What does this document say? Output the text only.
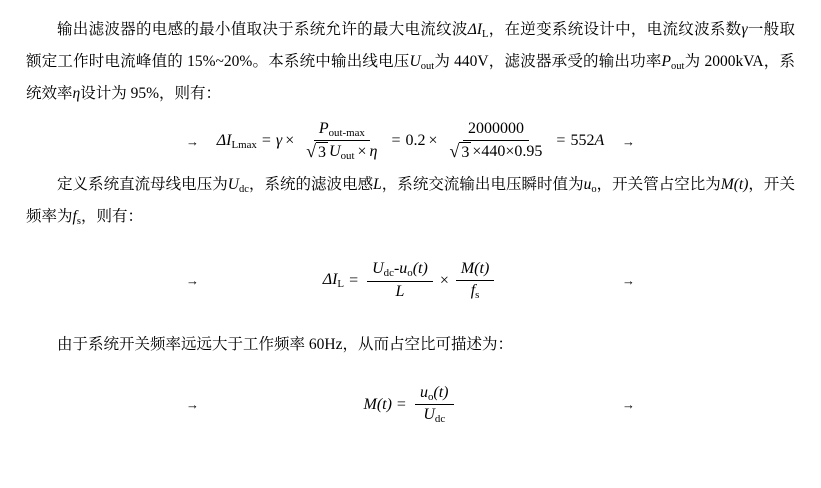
输出滤波器的电感的最小值取决于系统允许的最大电流纹波$\Delta I_L$，在逆变系统设计中，电流纹波系数γ一般取额定工作时电流峰值的 15%~20%。本系统中输出线电压$U_{out}$为 440V，滤波器承受的输出功率$P_{out}$为 2000kVA，系统效率η设计为 95%，则有：

→ $\Delta I_{Lmax} = \gamma \times \frac{P_{out-max}}{√ 3 U_{out} \times \eta} = 0.2 \times \frac{2000000}{√ 3 \times 440\times 0.95} = 552$ A →

定义系统直流母线电压为$U_{dc}$，系统的滤波电感L，系统交流输出电压瞬时值为$u_o$，开关管占空比为M(t)，开关频率为$f_s$，则有：

→	$\Delta I_L = \frac{U_{dc}-u_o(t)}{L} \times \frac{M(t)}{f_s}$	→

由于系统开关频率远远大于工作频率 60Hz，从而占空比可描述为：

→	$M(t) = \frac{u_o(t)}{U_{dc}}$	→
